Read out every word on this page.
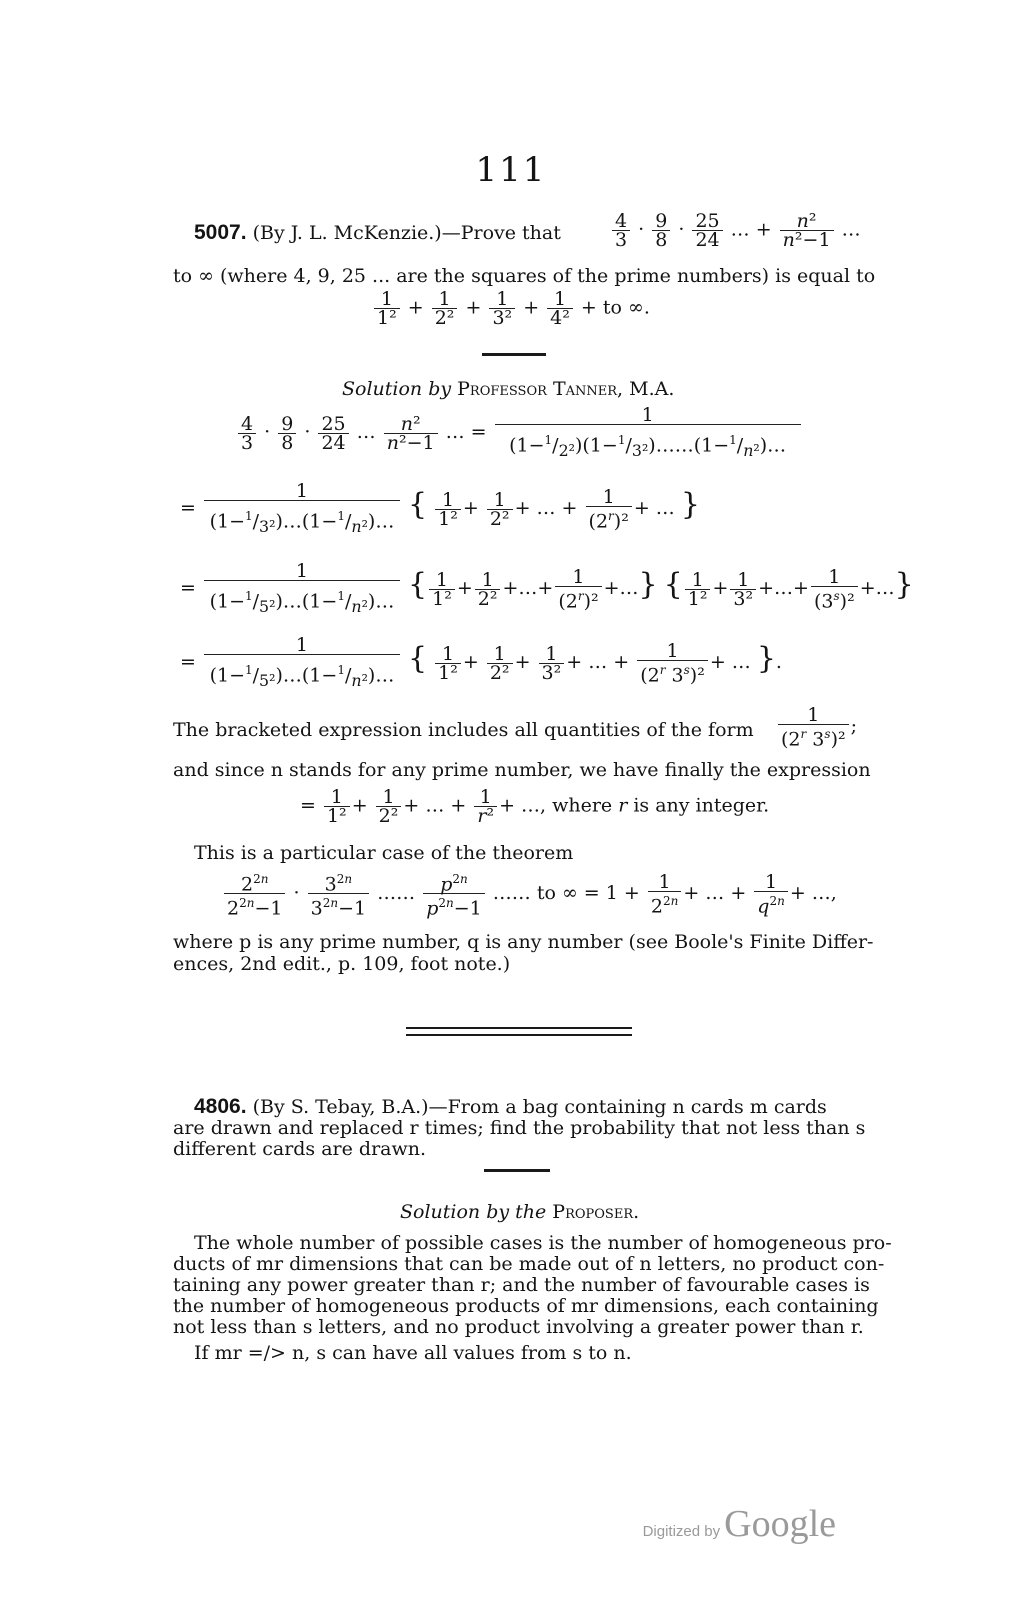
111
5007. (By J. L. McKenzie.)—Prove that	$\frac{4}{3} \cdot \frac{9}{8} \cdot \frac{25}{24}$ … + $\frac{\text{n²}}{\text{n²−1}}$ …
to ∞ (where 4, 9, 25 ... are the squares of the prime numbers) is equal to
$\frac{1}{\text{1²}} + \frac{1}{\text{2²}} + \frac{1}{\text{3²}} + \frac{1}{\text{4²}}$ + to ∞.
Solution by Professor Tanner, M.A.
$\frac{4}{3} \cdot \frac{9}{8} \cdot \frac{25}{24}$ … $\frac{\text{n²}}{\text{n²−1}}$ … = $\frac{1}{(1-^1/_{2^2})(1-^1/_{3^2})\dots\dots(1-^1/_{n^2})\dots}$
= $\frac{1}{(1-^1/_{3^2})\dots(1-^1/_{n^2})\dots}$ { $\frac{1}{\text{1²}} + \frac{1}{\text{2²}}$ + … + $\frac{1}{(2^r)^2}$ + … }
= $\frac{1}{(1-^1/_{5^2})\dots(1-^1/_{n^2})\dots}$ { $\frac{1}{\text{1²}} + \frac{1}{\text{2²}}$ +…+ $\frac{1}{(2^r)^2}$ +…} { $\frac{1}{\text{1²}} + \frac{1}{\text{3²}}$ +…+ $\frac{1}{(3^s)^2}$ +…}
= $\frac{1}{(1-^1/_{5^2})\dots(1-^1/_{n^2})\dots}$ { $\frac{1}{\text{1²}} + \frac{1}{\text{2²}} + \frac{1}{\text{3²}}$ + … + $\frac{1}{(2^r 3^s)^2}$ + … }.
The bracketed expression includes all quantities of the form $\frac{1}{(2^r 3^s)^2}$ ;
and since n stands for any prime number, we have finally the expression
= $\frac{1}{\text{1²}} + \frac{1}{\text{2²}}$ + … + $\frac{1}{\text{r²}}$ + …, where r is any integer.
This is a particular case of the theorem
$\frac{2^{2n}}{2^{2n}-1} \cdot \frac{3^{2n}}{3^{2n}-1}$ …… $\frac{p^{2n}}{p^{2n}-1}$ …… to ∞ = $1 + \frac{1}{2^{2n}}$ + … + $\frac{1}{q^{2n}}$ + …,
where p is any prime number, q is any number (see Boole's Finite Differ-
ences, 2nd edit., p. 109, foot note.)
4806. (By S. Tebay, B.A.)—From a bag containing n cards m cards
are drawn and replaced r times; find the probability that not less than s
different cards are drawn.
Solution by the Proposer.
The whole number of possible cases is the number of homogeneous pro-
ducts of mr dimensions that can be made out of n letters, no product con-
taining any power greater than r; and the number of favourable cases is
the number of homogeneous products of mr dimensions, each containing
not less than s letters, and no product involving a greater power than r.
If mr =/> n, s can have all values from s to n.
Digitized by Google
